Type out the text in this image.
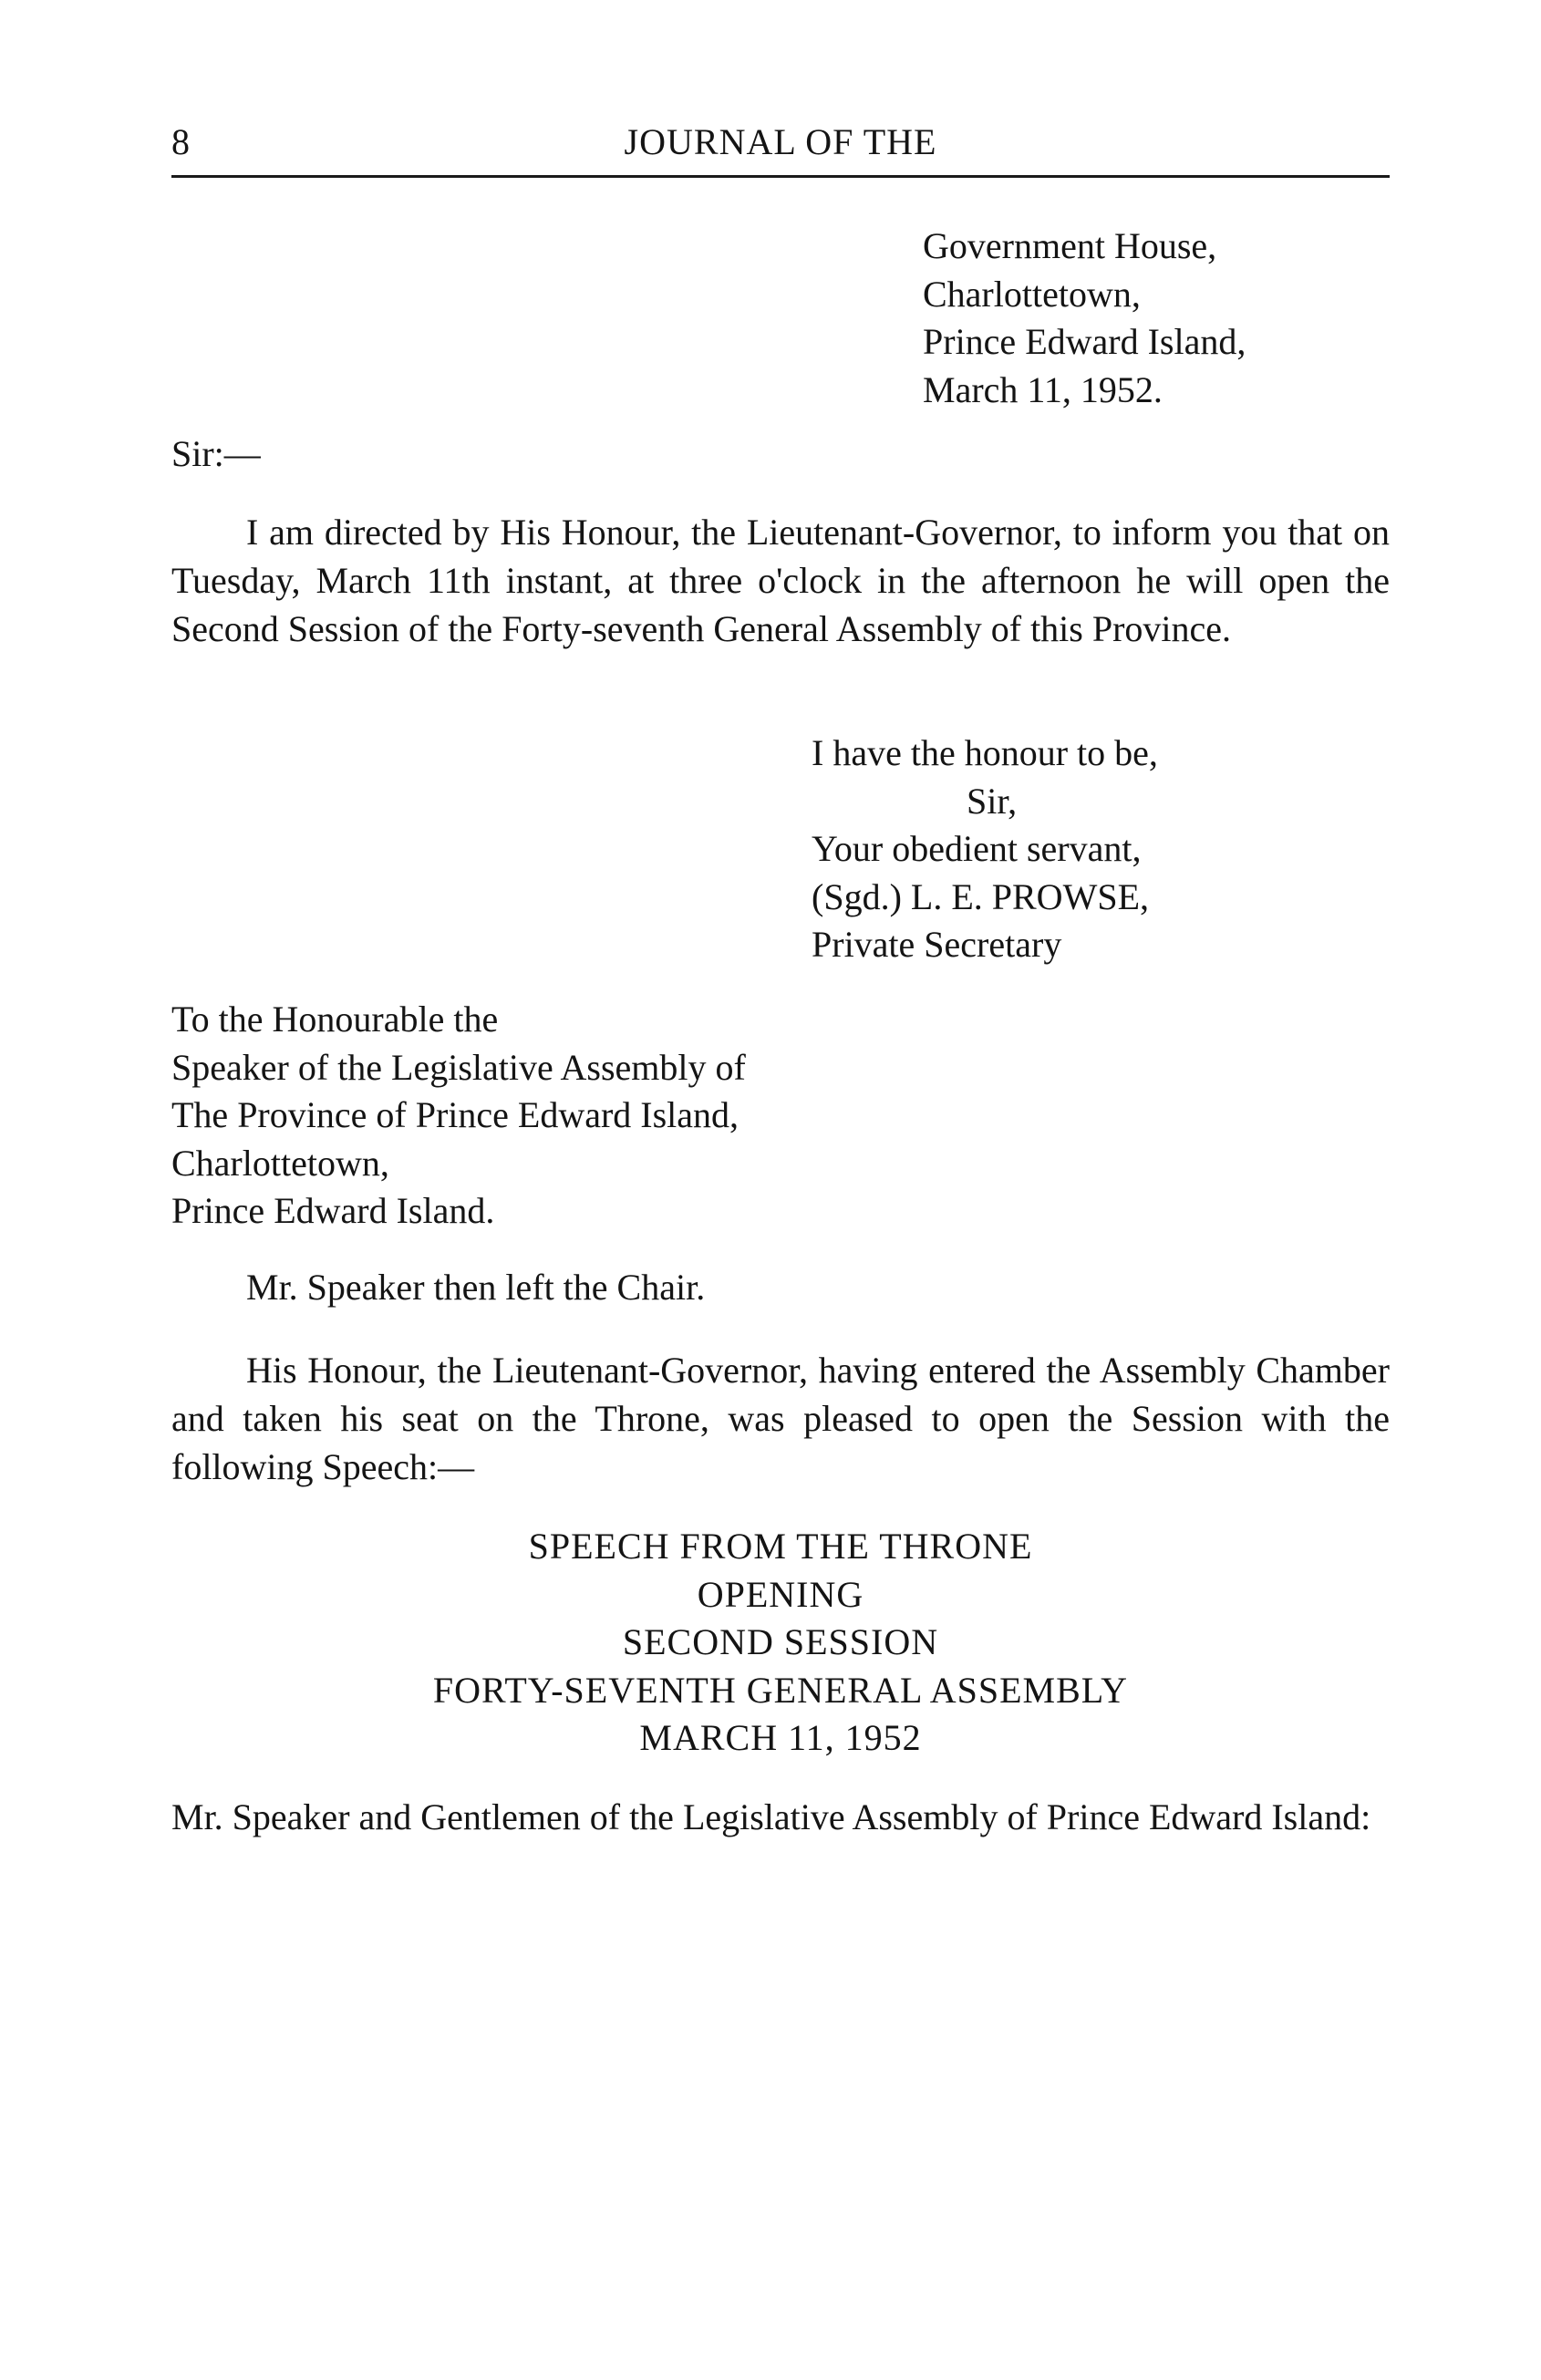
8	JOURNAL OF THE
Government House,
Charlottetown,
Prince Edward Island,
March 11, 1952.
Sir:—
I am directed by His Honour, the Lieutenant-Governor, to inform you that on Tuesday, March 11th instant, at three o'clock in the afternoon he will open the Second Session of the Forty-seventh General Assembly of this Province.
I have the honour to be,
Sir,
Your obedient servant,
(Sgd.) L. E. PROWSE,
Private Secretary
To the Honourable the
Speaker of the Legislative Assembly of
The Province of Prince Edward Island,
Charlottetown,
Prince Edward Island.
Mr. Speaker then left the Chair.
His Honour, the Lieutenant-Governor, having entered the Assembly Chamber and taken his seat on the Throne, was pleased to open the Session with the following Speech:—
SPEECH FROM THE THRONE
OPENING
SECOND SESSION
FORTY-SEVENTH GENERAL ASSEMBLY
MARCH 11, 1952
Mr. Speaker and Gentlemen of the Legislative Assembly of Prince Edward Island:
